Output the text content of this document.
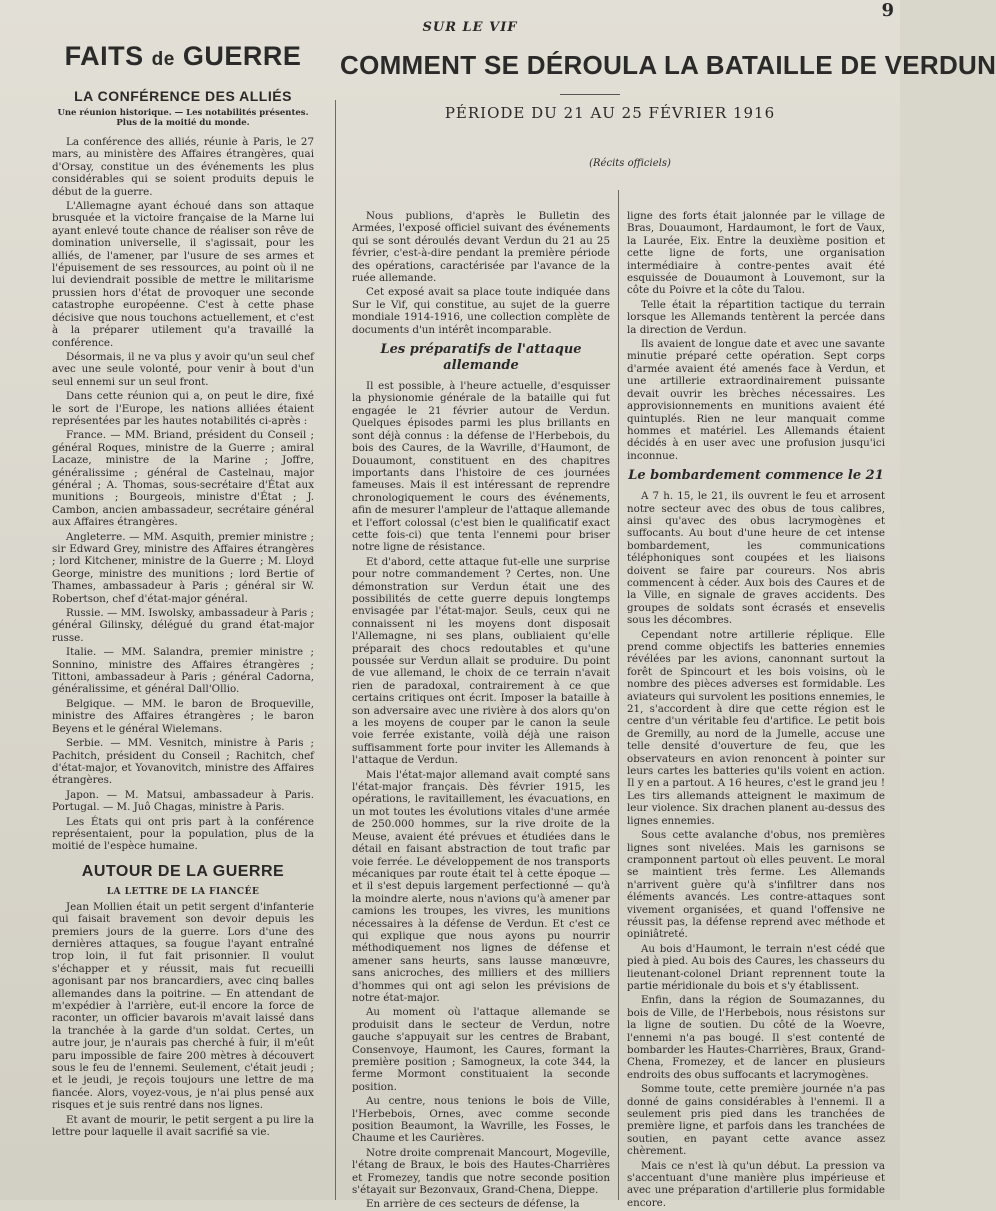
9
SUR LE VIF
COMMENT SE DÉROULA LA BATAILLE DE VERDUN
PÉRIODE DU 21 AU 25 FÉVRIER 1916
(Récits officiels)
FAITS de GUERRE
LA CONFÉRENCE DES ALLIÉS
Une réunion historique. — Les notabilités présentes. Plus de la moitié du monde.

La conférence des alliés, réunie à Paris, le 27 mars, au ministère des Affaires étrangères, quai d'Orsay, constitue un des événements les plus considérables qui se soient produits depuis le début de la guerre.

L'Allemagne ayant échoué dans son attaque brusquée et la victoire française de la Marne lui ayant enlevé toute chance de réaliser son rêve de domination universelle, il s'agissait, pour les alliés, de l'amener, par l'usure de ses armes et l'épuisement de ses ressources, au point où il ne lui deviendrait possible de mettre le militarisme prussien hors d'état de provoquer une seconde catastrophe européenne. C'est à cette phase décisive que nous touchons actuellement, et c'est à la préparer utilement qu'a travaillé la conférence.

Désormais, il ne va plus y avoir qu'un seul chef avec une seule volonté, pour venir à bout d'un seul ennemi sur un seul front.

Dans cette réunion qui a, on peut le dire, fixé le sort de l'Europe, les nations alliées étaient représentées par les hautes notabilités ci-après :

France. — MM. Briand, président du Conseil ; général Roques, ministre de la Guerre ; amiral Lacaze, ministre de la Marine ; Joffre, généralissime ; général de Castelnau, major général ; A. Thomas, sous-secrétaire d'État aux munitions ; Bourgeois, ministre d'État ; J. Cambon, ancien ambassadeur, secrétaire général aux Affaires étrangères.

Angleterre. — MM. Asquith, premier ministre ; sir Edward Grey, ministre des Affaires étrangères ; lord Kitchener, ministre de la Guerre ; M. Lloyd George, ministre des munitions ; lord Bertie of Thames, ambassadeur à Paris ; général sir W. Robertson, chef d'état-major général.

Russie. — MM. Iswolsky, ambassadeur à Paris ; général Gilinsky, délégué du grand état-major russe.

Italie. — MM. Salandra, premier ministre ; Sonnino, ministre des Affaires étrangères ; Tittoni, ambassadeur à Paris ; général Cadorna, généralissime, et général Dall'Ollio.

Belgique. — MM. le baron de Broqueville, ministre des Affaires étrangères ; le baron Beyens et le général Wielemans.

Serbie. — MM. Vesnitch, ministre à Paris ; Pachitch, président du Conseil ; Rachitch, chef d'état-major, et Yovanovitch, ministre des Affaires étrangères.

Japon. — M. Matsui, ambassadeur à Paris. Portugal. — M. Juô Chagas, ministre à Paris.

Les États qui ont pris part à la conférence représentaient, pour la population, plus de la moitié de l'espèce humaine.

AUTOUR DE LA GUERRE
LA LETTRE DE LA FIANCÉE

Jean Mollien était un petit sergent d'infanterie qui faisait bravement son devoir depuis les premiers jours de la guerre. Lors d'une des dernières attaques, sa fougue l'ayant entraîné trop loin, il fut fait prisonnier. Il voulut s'échapper et y réussit, mais fut recueilli agonisant par nos brancardiers, avec cinq balles allemandes dans la poitrine. — En attendant de m'expédier à l'arrière, eut-il encore la force de raconter, un officier bavarois m'avait laissé dans la tranchée à la garde d'un soldat. Certes, un autre jour, je n'aurais pas cherché à fuir, il m'eût paru impossible de faire 200 mètres à découvert sous le feu de l'ennemi. Seulement, c'était jeudi ; et le jeudi, je reçois toujours une lettre de ma fiancée. Alors, voyez-vous, je n'ai plus pensé aux risques et je suis rentré dans nos lignes.

Et avant de mourir, le petit sergent a pu lire la lettre pour laquelle il avait sacrifié sa vie.

Nous publions, d'après le Bulletin des Armées, l'exposé officiel suivant des événements qui se sont déroulés devant Verdun du 21 au 25 février, c'est-à-dire pendant la première période des opérations, caractérisée par l'avance de la ruée allemande.

Cet exposé avait sa place toute indiquée dans Sur le Vif, qui constitue, au sujet de la guerre mondiale 1914-1916, une collection complète de documents d'un intérêt incomparable.

Les préparatifs de l'attaque allemande

Il est possible, à l'heure actuelle, d'esquisser la physionomie générale de la bataille qui fut engagée le 21 février autour de Verdun. Quelques épisodes parmi les plus brillants en sont déjà connus : la défense de l'Herbebois, du bois des Caures, de la Wavrille, d'Haumont, de Douaumont, constituent en des chapitres importants dans l'histoire de ces journées fameuses. Mais il est intéressant de reprendre chronologiquement le cours des événements, afin de mesurer l'ampleur de l'attaque allemande et l'effort colossal (c'est bien le qualificatif exact cette fois-ci) que tenta l'ennemi pour briser notre ligne de résistance.

Et d'abord, cette attaque fut-elle une surprise pour notre commandement ? Certes, non. Une démonstration sur Verdun était une des possibilités de cette guerre depuis longtemps envisagée par l'état-major. Seuls, ceux qui ne connaissent ni les moyens dont disposait l'Allemagne, ni ses plans, oubliaient qu'elle préparait des chocs redoutables et qu'une poussée sur Verdun allait se produire. Du point de vue allemand, le choix de ce terrain n'avait rien de paradoxal, contrairement à ce que certains critiques ont écrit. Imposer la bataille à son adversaire avec une rivière à dos alors qu'on a les moyens de couper par le canon la seule voie ferrée existante, voilà déjà une raison suffisamment forte pour inviter les Allemands à l'attaque de Verdun.

Mais l'état-major allemand avait compté sans l'état-major français. Dès février 1915, les opérations, le ravitaillement, les évacuations, en un mot toutes les évolutions vitales d'une armée de 250.000 hommes, sur la rive droite de la Meuse, avaient été prévues et étudiées dans le détail en faisant abstraction de tout trafic par voie ferrée. Le développement de nos transports mécaniques par route était tel à cette époque — et il s'est depuis largement perfectionné — qu'à la moindre alerte, nous n'avions qu'à amener par camions les troupes, les vivres, les munitions nécessaires à la défense de Verdun. Et c'est ce qui explique que nous ayons pu nourrir méthodiquement nos lignes de défense et amener sans heurts, sans lausse manœuvre, sans anicroches, des milliers et des milliers d'hommes qui ont agi selon les prévisions de notre état-major.

Au moment où l'attaque allemande se produisit dans le secteur de Verdun, notre gauche s'appuyait sur les centres de Brabant, Consenvoye, Haumont, les Caures, formant la première position ; Samogneux, la cote 344, la ferme Mormont constituaient la seconde position.

Au centre, nous tenions le bois de Ville, l'Herbebois, Ornes, avec comme seconde position Beaumont, la Wavrille, les Fosses, le Chaume et les Caurières.

Notre droite comprenait Mancourt, Mogeville, l'étang de Braux, le bois des Hautes-Charrières et Fromezey, tandis que notre seconde position s'étayait sur Bezonvaux, Grand-Chena, Dieppe.

En arrière de ces secteurs de défense, la

ligne des forts était jalonnée par le village de Bras, Douaumont, Hardaumont, le fort de Vaux, la Laurée, Eix. Entre la deuxième position et cette ligne de forts, une organisation intermédiaire à contre-pentes avait été esquissée de Douaumont à Louvemont, sur la côte du Poivre et la côte du Talou.

Telle était la répartition tactique du terrain lorsque les Allemands tentèrent la percée dans la direction de Verdun.

Ils avaient de longue date et avec une savante minutie préparé cette opération. Sept corps d'armée avaient été amenés face à Verdun, et une artillerie extraordinairement puissante devait ouvrir les brèches nécessaires. Les approvisionnements en munitions avaient été quintuplés. Rien ne leur manquait comme hommes et matériel. Les Allemands étaient décidés à en user avec une profusion jusqu'ici inconnue.

Le bombardement commence le 21

A 7 h. 15, le 21, ils ouvrent le feu et arrosent notre secteur avec des obus de tous calibres, ainsi qu'avec des obus lacrymogènes et suffocants. Au bout d'une heure de cet intense bombardement, les communications téléphoniques sont coupées et les liaisons doivent se faire par coureurs. Nos abris commencent à céder. Aux bois des Caures et de la Ville, en signale de graves accidents. Des groupes de soldats sont écrasés et ensevelis sous les décombres.

Cependant notre artillerie réplique. Elle prend comme objectifs les batteries ennemies révélées par les avions, canonnant surtout la forêt de Spincourt et les bois voisins, où le nombre des pièces adverses est formidable. Les aviateurs qui survolent les positions ennemies, le 21, s'accordent à dire que cette région est le centre d'un véritable feu d'artifice. Le petit bois de Gremilly, au nord de la Jumelle, accuse une telle densité d'ouverture de feu, que les observateurs en avion renoncent à pointer sur leurs cartes les batteries qu'ils voient en action. Il y en a partout. A 16 heures, c'est le grand jeu ! Les tirs allemands atteignent le maximum de leur violence. Six drachen planent au-dessus des lignes ennemies.

Sous cette avalanche d'obus, nos premières lignes sont nivelées. Mais les garnisons se cramponnent partout où elles peuvent. Le moral se maintient très ferme. Les Allemands n'arrivent guère qu'à s'infiltrer dans nos éléments avancés. Les contre-attaques sont vivement organisées, et quand l'offensive ne réussit pas, la défense reprend avec méthode et opiniâtreté.

Au bois d'Haumont, le terrain n'est cédé que pied à pied. Au bois des Caures, les chasseurs du lieutenant-colonel Driant reprennent toute la partie méridionale du bois et s'y établissent.

Enfin, dans la région de Soumazannes, du bois de Ville, de l'Herbebois, nous résistons sur la ligne de soutien. Du côté de la Woevre, l'ennemi n'a pas bougé. Il s'est contenté de bombarder les Hautes-Charrières, Braux, Grand-Chena, Fromezey, et de lancer en plusieurs endroits des obus suffocants et lacrymogènes.

Somme toute, cette première journée n'a pas donné de gains considérables à l'ennemi. Il a seulement pris pied dans les tranchées de première ligne, et parfois dans les tranchées de soutien, en payant cette avance assez chèrement.

Mais ce n'est là qu'un début. La pression va s'accentuant d'une manière plus impérieuse et avec une préparation d'artillerie plus formidable encore.
